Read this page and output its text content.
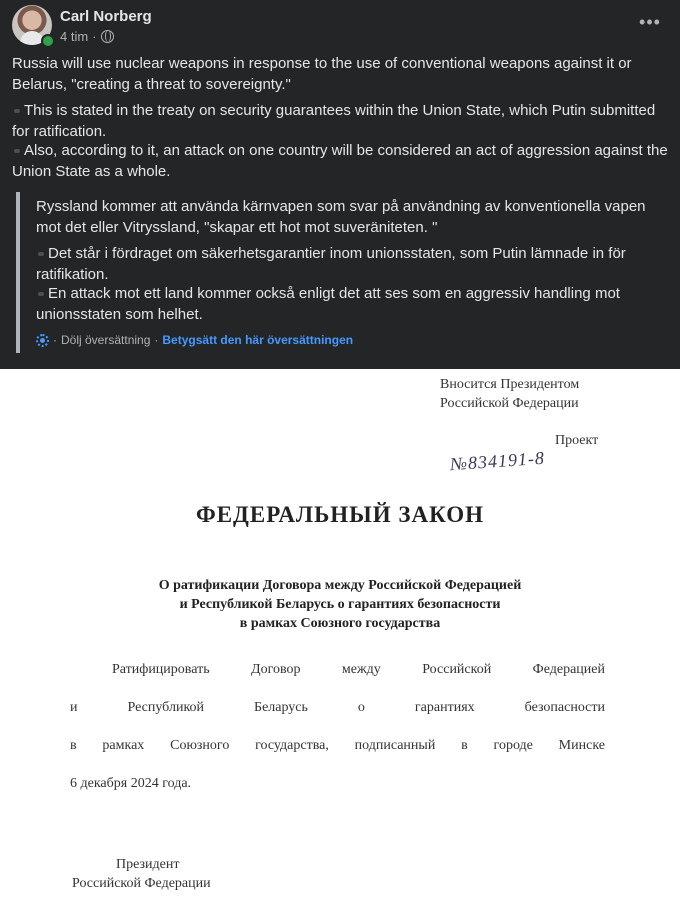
Carl Norberg
4 tim ·
•••
Russia will use nuclear weapons in response to the use of conventional weapons against it or Belarus, "creating a threat to sovereignty."
This is stated in the treaty on security guarantees within the Union State, which Putin submitted for ratification.
Also, according to it, an attack on one country will be considered an act of aggression against the Union State as a whole.
Ryssland kommer att använda kärnvapen som svar på användning av konventionella vapen mot det eller Vitryssland, "skapar ett hot mot suveräniteten. "
Det står i fördraget om säkerhetsgarantier inom unionsstaten, som Putin lämnade in för ratifikation.
En attack mot ett land kommer också enligt det att ses som en aggressiv handling mot unionsstaten som helhet.
· Dölj översättning · Betygsätt den här översättningen
Вносится Президентом
Российской Федерации
Проект
№834191-8
ФЕДЕРАЛЬНЫЙ ЗАКОН
О ратификации Договора между Российской Федерацией
и Республикой Беларусь о гарантиях безопасности
в рамках Союзного государства
Ратифицировать Договор между Российской Федерацией
и Республикой Беларусь о гарантиях безопасности
в рамках Союзного государства, подписанный в городе Минске
6 декабря 2024 года.
Президент
Российской Федерации
